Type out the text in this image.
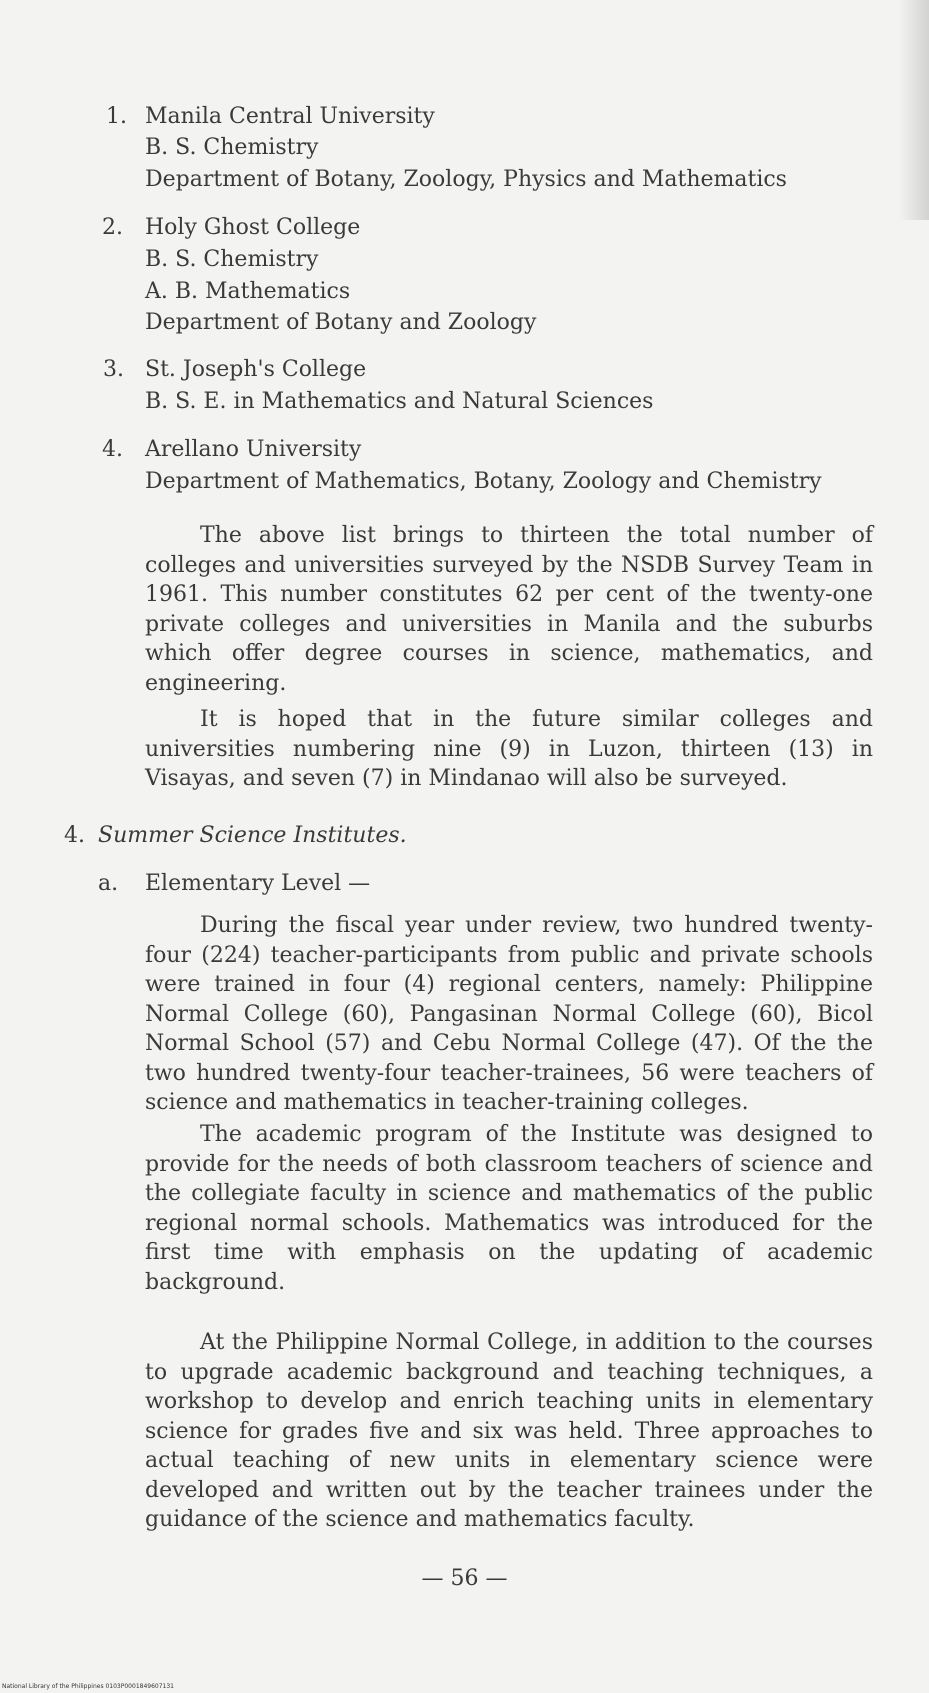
1. Manila Central University
B. S. Chemistry
Department of Botany, Zoology, Physics and Mathematics
2. Holy Ghost College
B. S. Chemistry
A. B. Mathematics
Department of Botany and Zoology
3. St. Joseph's College
B. S. E. in Mathematics and Natural Sciences
4. Arellano University
Department of Mathematics, Botany, Zoology and Chemistry
The above list brings to thirteen the total number of colleges and universities surveyed by the NSDB Survey Team in 1961. This number constitutes 62 per cent of the twenty-one private colleges and universities in Manila and the suburbs which offer degree courses in science, mathematics, and engineering.
It is hoped that in the future similar colleges and universities numbering nine (9) in Luzon, thirteen (13) in Visayas, and seven (7) in Mindanao will also be surveyed.
4. Summer Science Institutes.
a. Elementary Level —
During the fiscal year under review, two hundred twenty-four (224) teacher-participants from public and private schools were trained in four (4) regional centers, namely: Philippine Normal College (60), Pangasinan Normal College (60), Bicol Normal School (57) and Cebu Normal College (47). Of the the two hundred twenty-four teacher-trainees, 56 were teachers of science and mathematics in teacher-training colleges.
The academic program of the Institute was designed to provide for the needs of both classroom teachers of science and the collegiate faculty in science and mathematics of the public regional normal schools. Mathematics was introduced for the first time with emphasis on the updating of academic background.
At the Philippine Normal College, in addition to the courses to upgrade academic background and teaching techniques, a workshop to develop and enrich teaching units in elementary science for grades five and six was held. Three approaches to actual teaching of new units in elementary science were developed and written out by the teacher trainees under the guidance of the science and mathematics faculty.
— 56 —
National Library of the Philippines 0103P0001849607131
